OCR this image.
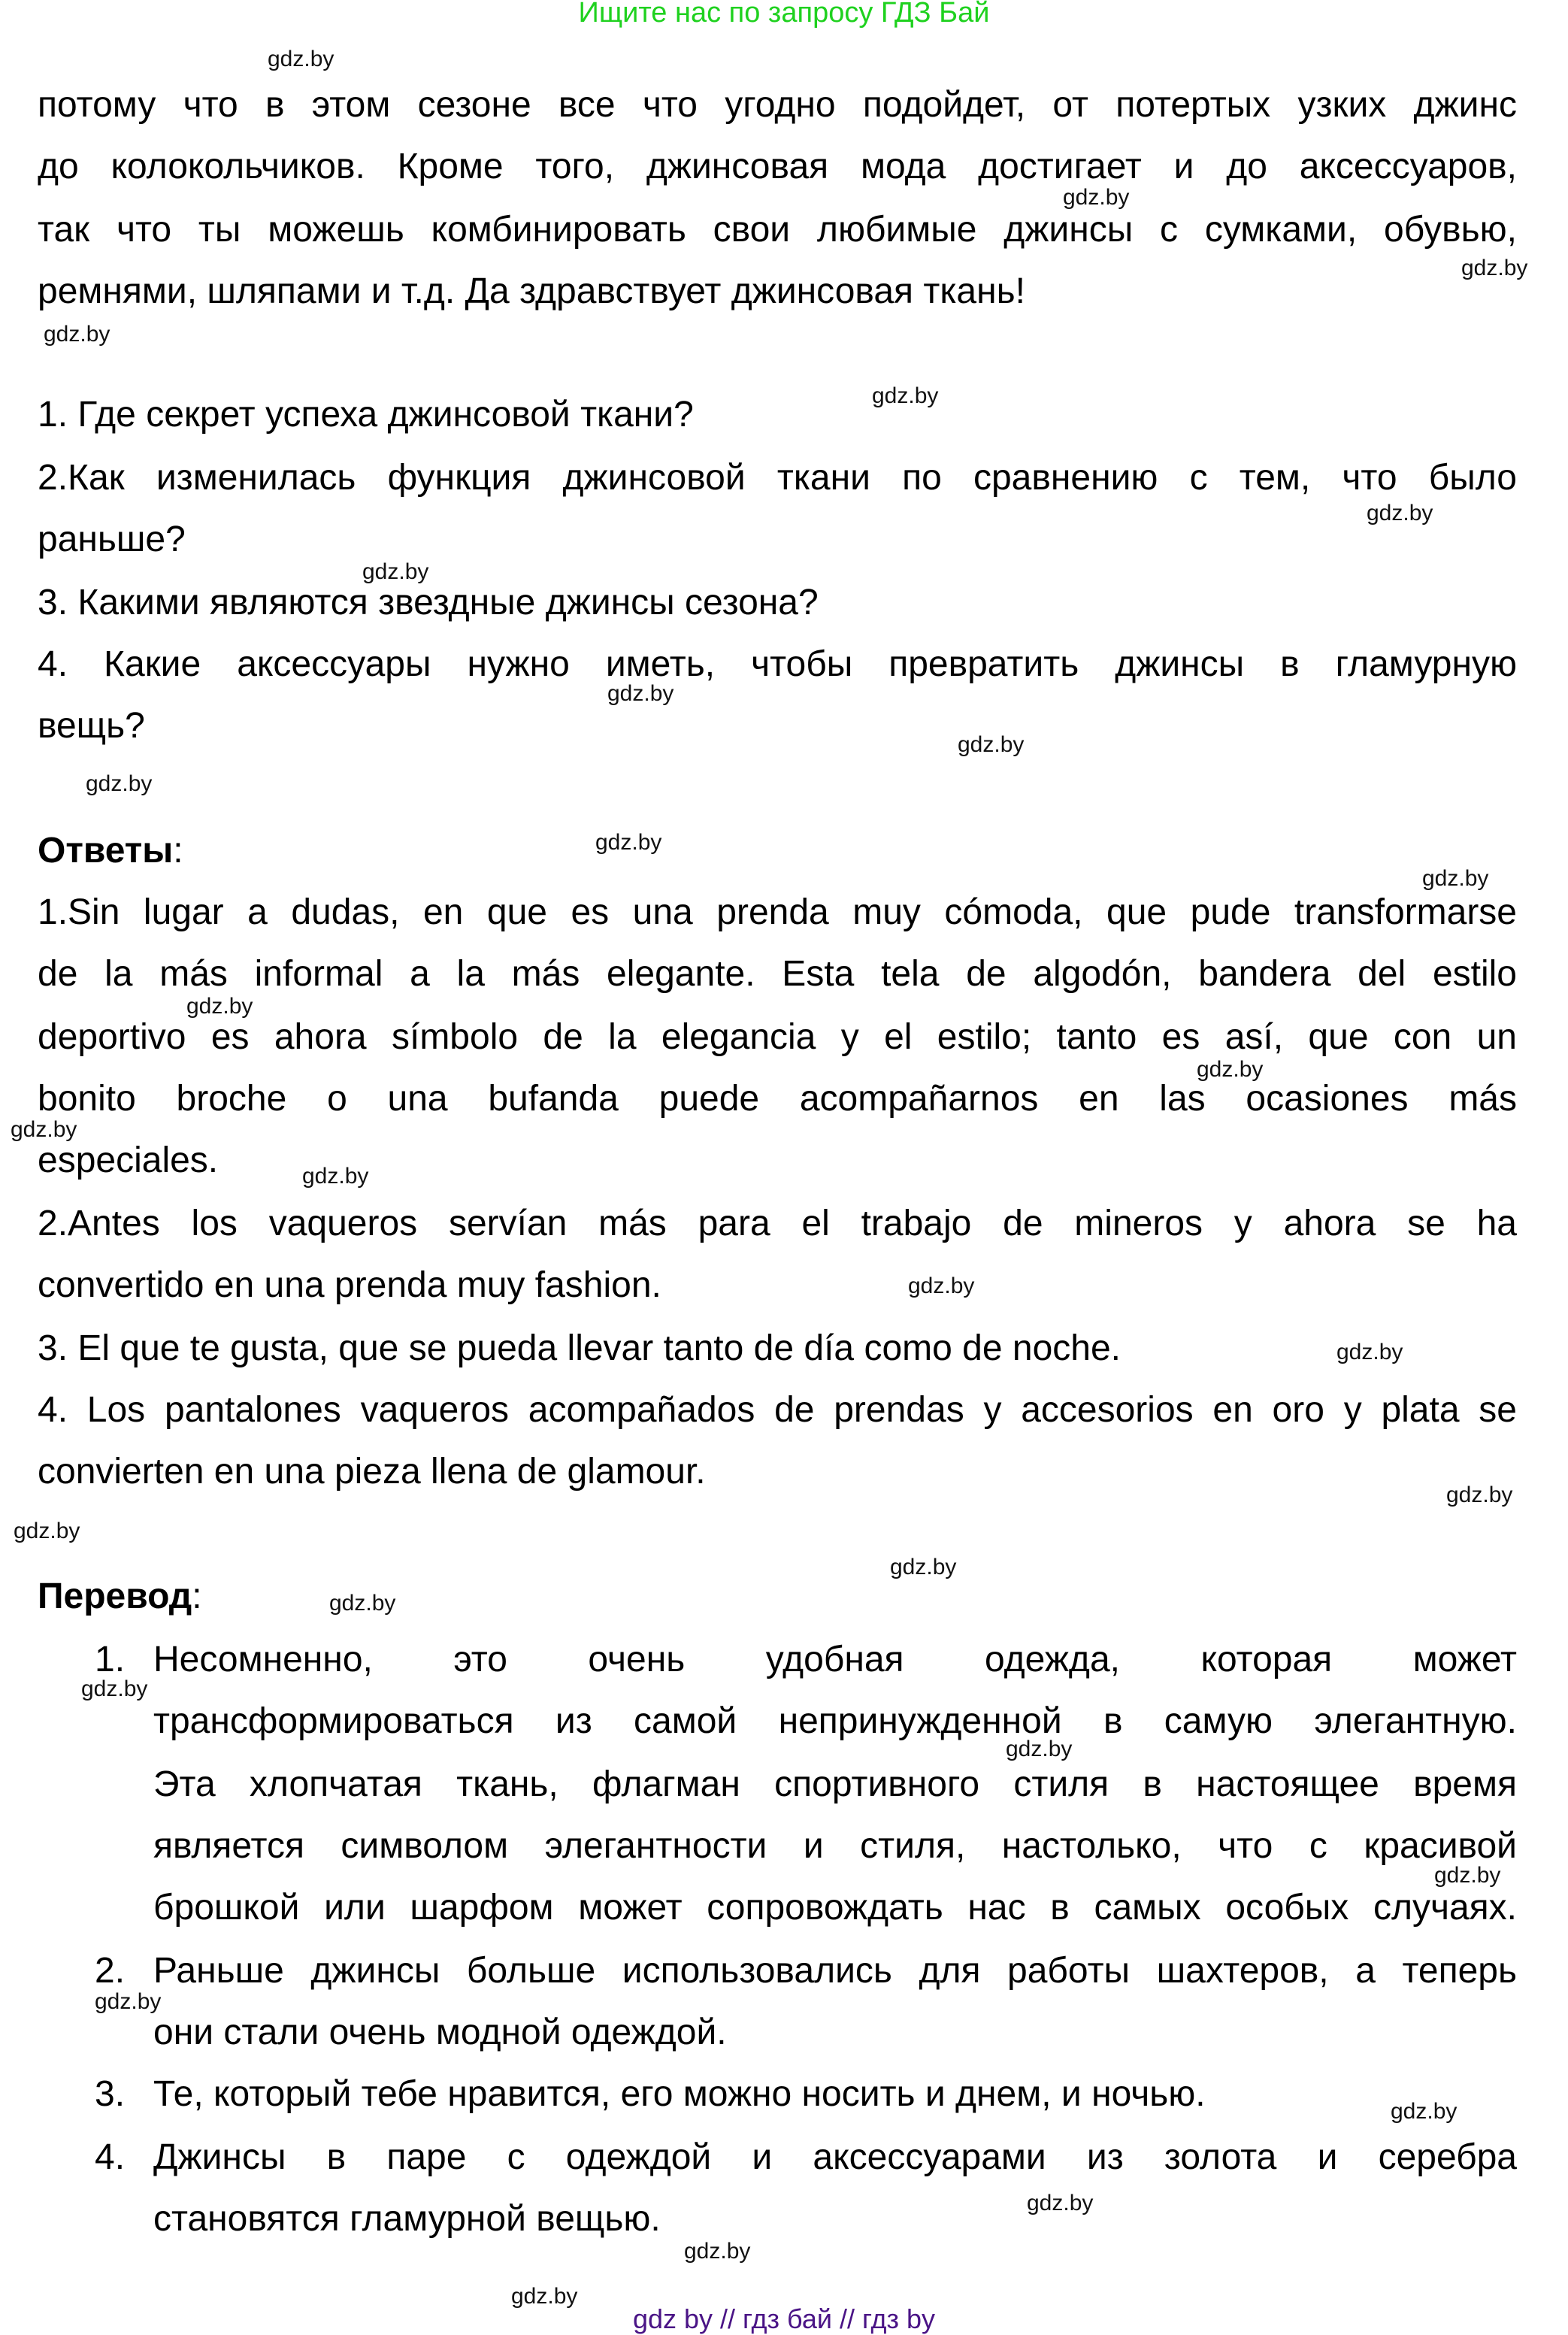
Ищите нас по запросу ГДЗ Бай
потому что в этом сезоне все что угодно подойдет, от потертых узких джинс
до колокольчиков. Кроме того, джинсовая мода достигает и до аксессуаров,
так что ты можешь комбинировать свои любимые джинсы с сумками, обувью,
ремнями, шляпами и т.д. Да здравствует джинсовая ткань!
1. Где секрет успеха джинсовой ткани?
2.Как изменилась функция джинсовой ткани по сравнению с тем, что было
раньше?
3. Какими являются звездные джинсы сезона?
4. Какие аксессуары нужно иметь, чтобы превратить джинсы в гламурную
вещь?
1.Sin lugar a dudas, en que es una prenda muy cómoda, que pude transformarse
de la más informal a la más elegante. Esta tela de algodón, bandera del estilo
deportivo es ahora símbolo de la elegancia y el estilo; tanto es así, que con un
bonito broche o una bufanda puede acompañarnos en las ocasiones más
especiales.
2.Antes los vaqueros servían más para el trabajo de mineros y ahora se ha
convertido en una prenda muy fashion.
3. El que te gusta, que se pueda llevar tanto de día como de noche.
4. Los pantalones vaqueros acompañados de prendas y accesorios en oro y plata se
convierten en una pieza llena de glamour.
Ответы:
Перевод:
Несомненно, это очень удобная одежда, которая может
трансформироваться из самой непринужденной в самую элегантную.
Эта хлопчатая ткань, флагман спортивного стиля в настоящее время
является символом элегантности и стиля, настолько, что с красивой
брошкой или шарфом может сопровождать нас в самых особых случаях.
Раньше джинсы больше использовались для работы шахтеров, а теперь
они стали очень модной одеждой.
Те, который тебе нравится, его можно носить и днем, и ночью.
Джинсы в паре с одеждой и аксессуарами из золота и серебра
становятся гламурной вещью.
1.
2.
3.
4.
gdz.by
gdz.by
gdz.by
gdz.by
gdz.by
gdz.by
gdz.by
gdz.by
gdz.by
gdz.by
gdz.by
gdz.by
gdz.by
gdz.by
gdz.by
gdz.by
gdz.by
gdz.by
gdz.by
gdz.by
gdz.by
gdz.by
gdz.by
gdz.by
gdz.by
gdz.by
gdz.by
gdz.by
gdz.by
gdz.by
gdz by // гдз бай // гдз by
